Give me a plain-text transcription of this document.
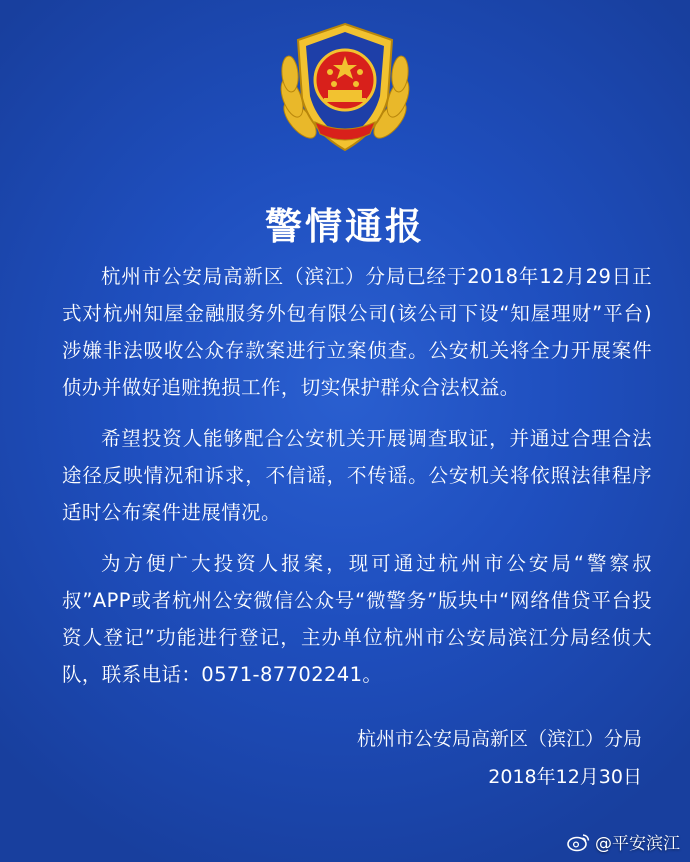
警情通报

杭州市公安局高新区（滨江）分局已经于2018年12月29日正式对杭州知屋金融服务外包有限公司(该公司下设“知屋理财”平台)涉嫌非法吸收公众存款案进行立案侦查。公安机关将全力开展案件侦办并做好追赃挽损工作，切实保护群众合法权益。

希望投资人能够配合公安机关开展调查取证，并通过合理合法途径反映情况和诉求，不信谣，不传谣。公安机关将依照法律程序适时公布案件进展情况。

为方便广大投资人报案，现可通过杭州市公安局“警察叔叔”APP或者杭州公安微信公众号“微警务”版块中“网络借贷平台投资人登记”功能进行登记，主办单位杭州市公安局滨江分局经侦大队，联系电话：0571-87702241。

杭州市公安局高新区（滨江）分局
2018年12月30日
@平安滨江
